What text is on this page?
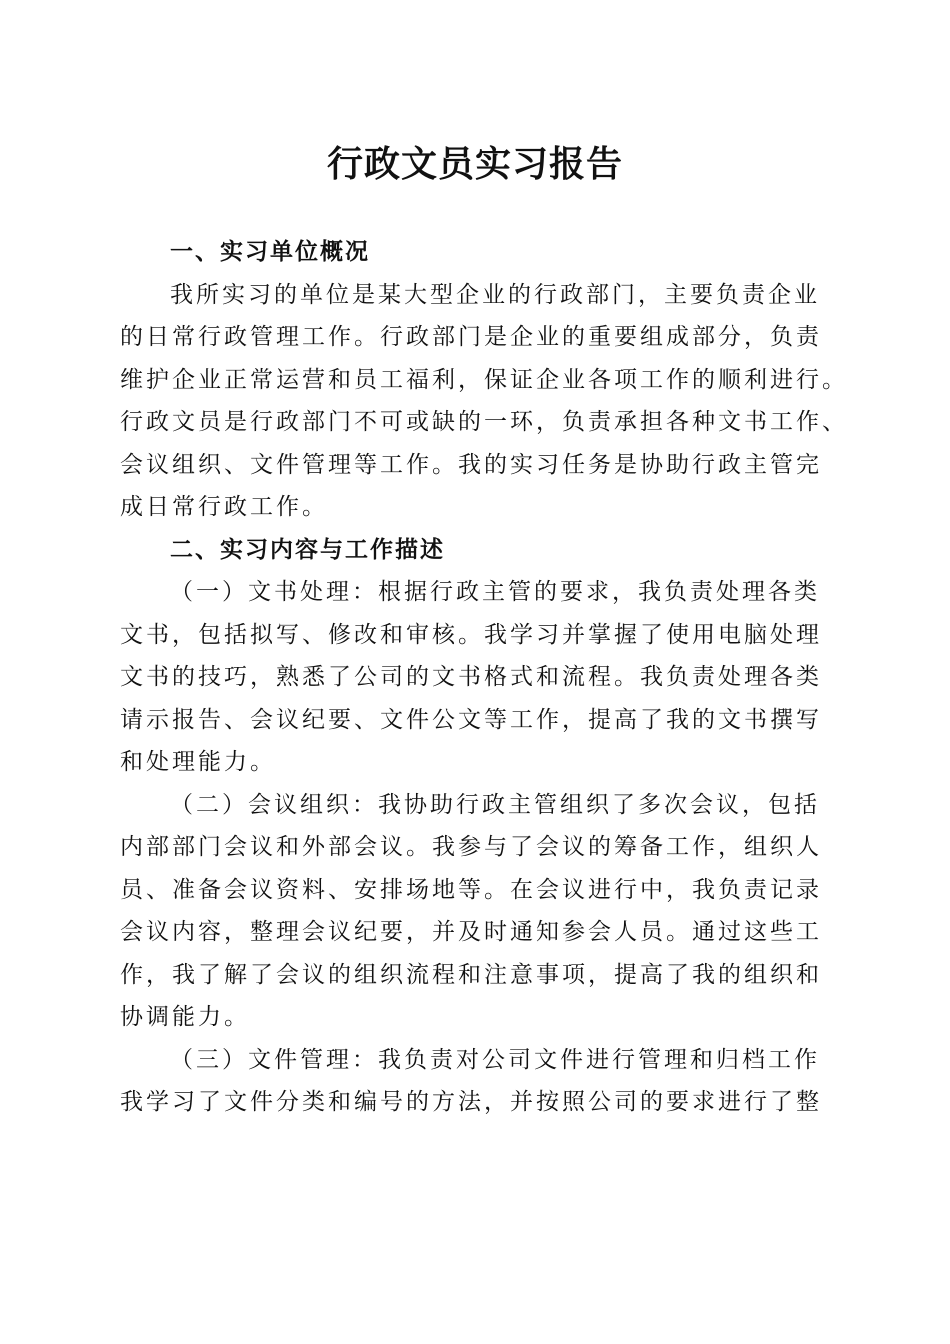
行政文员实习报告
一、实习单位概况
我所实习的单位是某大型企业的行政部门，主要负责企业
的日常行政管理工作。行政部门是企业的重要组成部分，负责
维护企业正常运营和员工福利，保证企业各项工作的顺利进行。
行政文员是行政部门不可或缺的一环，负责承担各种文书工作、
会议组织、文件管理等工作。我的实习任务是协助行政主管完
成日常行政工作。
二、实习内容与工作描述
（一）文书处理：根据行政主管的要求，我负责处理各类
文书，包括拟写、修改和审核。我学习并掌握了使用电脑处理
文书的技巧，熟悉了公司的文书格式和流程。我负责处理各类
请示报告、会议纪要、文件公文等工作，提高了我的文书撰写
和处理能力。
（二）会议组织：我协助行政主管组织了多次会议，包括
内部部门会议和外部会议。我参与了会议的筹备工作，组织人
员、准备会议资料、安排场地等。在会议进行中，我负责记录
会议内容，整理会议纪要，并及时通知参会人员。通过这些工
作，我了解了会议的组织流程和注意事项，提高了我的组织和
协调能力。
（三）文件管理：我负责对公司文件进行管理和归档工作
我学习了文件分类和编号的方法，并按照公司的要求进行了整
